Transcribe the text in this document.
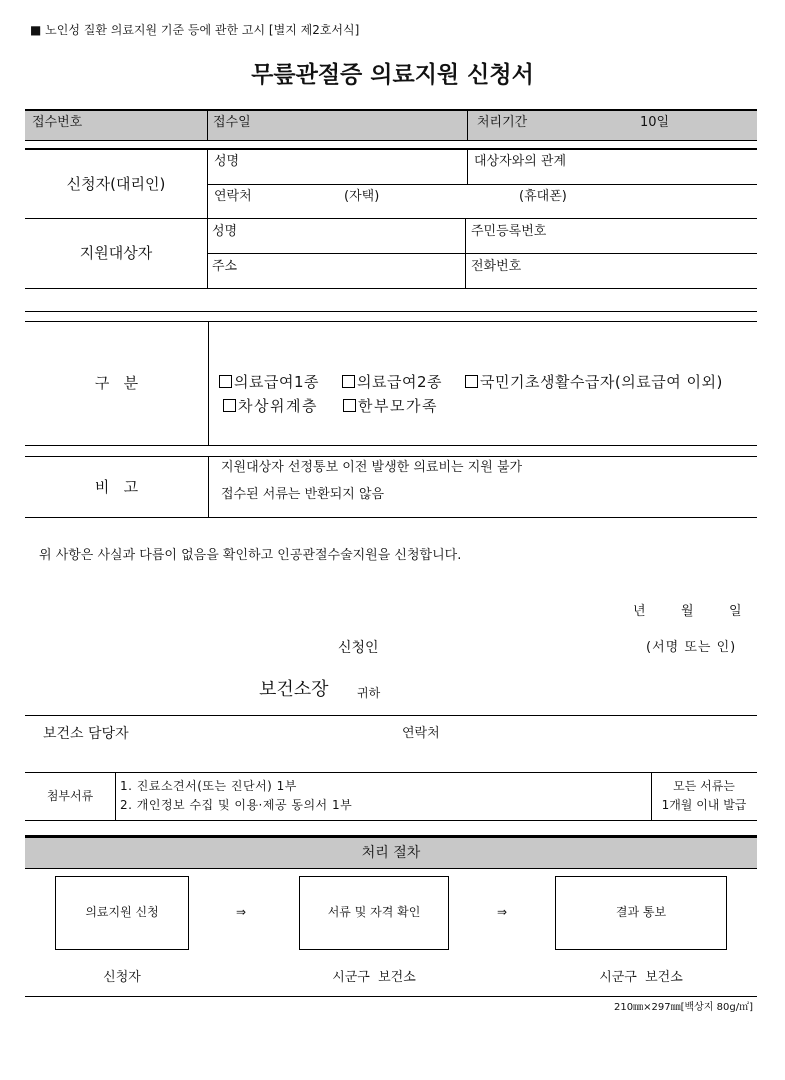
■ 노인성 질환 의료지원 기준 등에 관한 고시 [별지 제2호서식]
무릎관절증 의료지원 신청서
접수번호	접수일	처리기간	10일
신청자(대리인)
성명	대상자와의 관계
연락처	(자택)	(휴대폰)
지원대상자
성명	주민등록번호
주소	전화번호
구   분	의료급여1종	의료급여2종	국민기초생활수급자(의료급여 이외)
차상위계층	한부모가족
비   고
지원대상자 선정통보 이전 발생한 의료비는 지원 불가
접수된 서류는 반환되지 않음
위 사항은 사실과 다름이 없음을 확인하고 인공관절수술지원을 신청합니다.
년	월	일
신청인	(서명 또는 인)
보건소장 귀하
보건소 담당자	연락처
첨부서류
1. 진료소견서(또는 진단서) 1부
2. 개인정보 수집 및 이용·제공 동의서 1부
모든 서류는
1개월 이내 발급
처리 절차
의료지원 신청	⇒	서류 및 자격 확인	⇒	결과 통보
신청자	시군구  보건소	시군구  보건소
210㎜×297㎜[백상지 80g/㎡]
